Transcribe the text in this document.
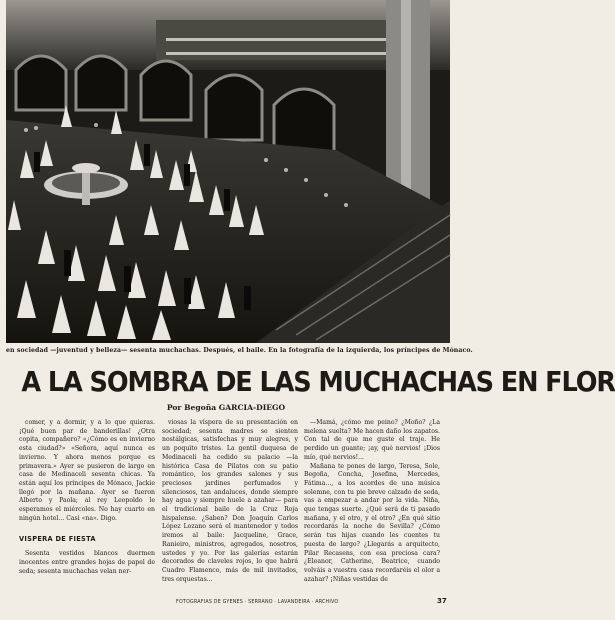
en sociedad —juventud y belleza— sesenta muchachas. Después, el baile. En la fotografía de la izquierda, los príncipes de Mónaco.
A LA SOMBRA DE LAS MUCHACHAS EN FLOR
Por Begoña GARCIA-DIEGO

comer, y a dormir, y a lo que quieras. ¡Qué buen par de banderillas! ¿Otra copita, compañero? «¿Cómo es en invierno esta ciudad?» «Señora, aquí nunca es invierno. Y ahora menos porque es primavera.» Ayer se pusieron de largo en casa de Medinaceli sesenta chicas. Ya están aquí los príncipes de Mónaco, Jackie llegó por la mañana. Ayer se fueron Alberto y Paola; al rey Leopoldo le esperamos el miércoles. No hay cuarto en ningún hotel... Casi «na». Digo.

VISPERA DE FIESTA

Sesenta vestidos blancos duermen inocentes entre grandes hojas de papel de seda; sesenta muchachas velan ner-

viosas la víspera de su presentación en sociedad; sesenta madres se sienten nostálgicas, satisfechas y muy alegres, y un poquito tristes. La gentil duquesa de Medinaceli ha cedido su palacio —la histórica Casa de Pilatos con su patio romántico, los grandes salones y sus preciosos jardines perfumados y silenciosos, tan andaluces, donde siempre hay agua y siempre huele a azahar— para el tradicional baile de la Cruz Roja hispalense. ¿Saben? Don Joaquín Carlos López Lozano será el mantenedor y todos iremos al baile: Jacqueline, Grace, Ranieiro, ministros, agregados, nosotros, ustedes y yo. Por las galerías estarán decorados de claveles rojos, lo que habrá Cuadro Flamenco, más de mil invitados, tres orquestas...

—Mamá, ¿cómo me peino? ¿Moño? ¿La melena suelta? Me hacen daño los zapatos. Con tal de que me guste el traje. He perdido un guante; ¡ay, qué nervios! ¡Dios mío, qué nervios!...

Mañana te pones de largo, Teresa, Sole, Begoña, Concha, Josefina, Mercedes, Fátima..., a los acordes de una música solemne, con tu pie breve calzado de seda, vas a empezar a andar por la vida. Niña, que tengas suerte. ¿Qué será de ti pasado mañana, y el otro, y el otro? ¿En qué sitio recordarás la noche de Sevilla? ¿Cómo serán tus hijas cuando les cuentes tu puesta de largo? ¿Llegarás a arquitecto, Pilar Recasens, con esa preciosa cara? ¿Eleanor, Catherine, Beatrice, cuando volváis a vuestra casa recordaréis el olor a azahar? ¡Niñas vestidas de

FOTOGRAFIAS DE GYENES · SERRANO · LAVANDEIRA · ARCHIVO	37
